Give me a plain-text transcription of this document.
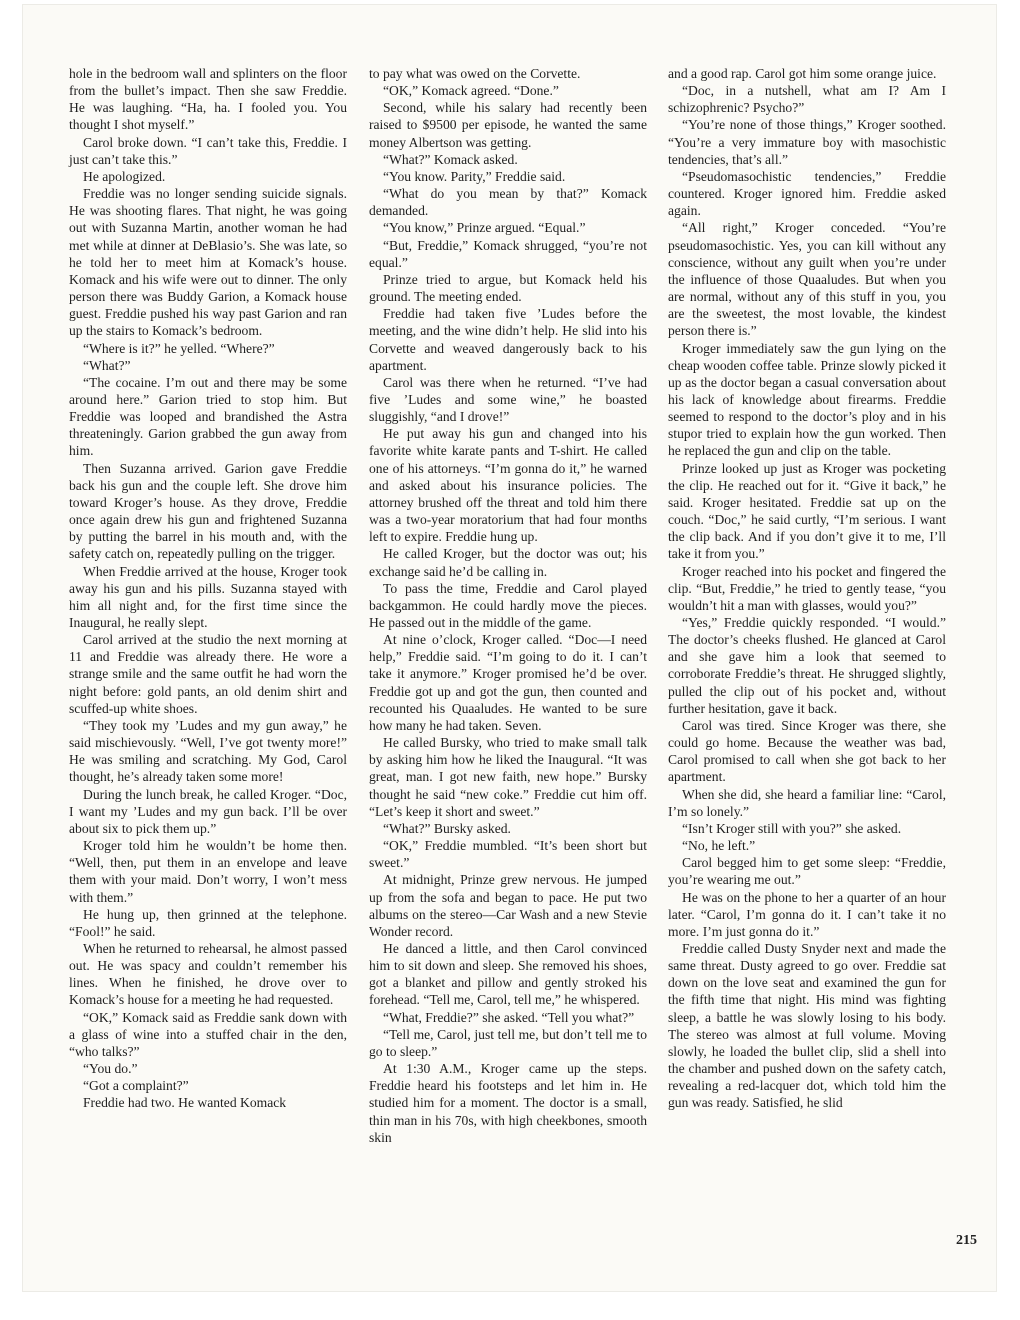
hole in the bedroom wall and splinters on the floor from the bullet’s impact. Then she saw Freddie. He was laughing. “Ha, ha. I fooled you. You thought I shot myself.”

Carol broke down. “I can’t take this, Freddie. I just can’t take this.”

He apologized.

Freddie was no longer sending suicide signals. He was shooting flares. That night, he was going out with Suzanna Martin, another woman he had met while at dinner at DeBlasio’s. She was late, so he told her to meet him at Komack’s house. Komack and his wife were out to dinner. The only person there was Buddy Garion, a Komack house guest. Freddie pushed his way past Garion and ran up the stairs to Komack’s bedroom.

“Where is it?” he yelled. “Where?”

“What?”

“The cocaine. I’m out and there may be some around here.” Garion tried to stop him. But Freddie was looped and brandished the Astra threateningly. Garion grabbed the gun away from him.

Then Suzanna arrived. Garion gave Freddie back his gun and the couple left. She drove him toward Kroger’s house. As they drove, Freddie once again drew his gun and frightened Suzanna by putting the barrel in his mouth and, with the safety catch on, repeatedly pulling on the trigger.

When Freddie arrived at the house, Kroger took away his gun and his pills. Suzanna stayed with him all night and, for the first time since the Inaugural, he really slept.

Carol arrived at the studio the next morning at 11 and Freddie was already there. He wore a strange smile and the same outfit he had worn the night before: gold pants, an old denim shirt and scuffed-up white shoes.

“They took my ’Ludes and my gun away,” he said mischievously. “Well, I’ve got twenty more!” He was smiling and scratching. My God, Carol thought, he’s already taken some more!

During the lunch break, he called Kroger. “Doc, I want my ’Ludes and my gun back. I’ll be over about six to pick them up.”

Kroger told him he wouldn’t be home then. “Well, then, put them in an envelope and leave them with your maid. Don’t worry, I won’t mess with them.”

He hung up, then grinned at the telephone. “Fool!” he said.

When he returned to rehearsal, he almost passed out. He was spacy and couldn’t remember his lines. When he finished, he drove over to Komack’s house for a meeting he had requested.

“OK,” Komack said as Freddie sank down with a glass of wine into a stuffed chair in the den, “who talks?”

“You do.”

“Got a complaint?”

Freddie had two. He wanted Komack

to pay what was owed on the Corvette.

“OK,” Komack agreed. “Done.”

Second, while his salary had recently been raised to $9500 per episode, he wanted the same money Albertson was getting.

“What?” Komack asked.

“You know. Parity,” Freddie said.

“What do you mean by that?” Komack demanded.

“You know,” Prinze argued. “Equal.”

“But, Freddie,” Komack shrugged, “you’re not equal.”

Prinze tried to argue, but Komack held his ground. The meeting ended.

Freddie had taken five ’Ludes before the meeting, and the wine didn’t help. He slid into his Corvette and weaved dangerously back to his apartment.

Carol was there when he returned. “I’ve had five ’Ludes and some wine,” he boasted sluggishly, “and I drove!”

He put away his gun and changed into his favorite white karate pants and T-shirt. He called one of his attorneys. “I’m gonna do it,” he warned and asked about his insurance policies. The attorney brushed off the threat and told him there was a two-year moratorium that had four months left to expire. Freddie hung up.

He called Kroger, but the doctor was out; his exchange said he’d be calling in.

To pass the time, Freddie and Carol played backgammon. He could hardly move the pieces. He passed out in the middle of the game.

At nine o’clock, Kroger called. “Doc—I need help,” Freddie said. “I’m going to do it. I can’t take it anymore.” Kroger promised he’d be over. Freddie got up and got the gun, then counted and recounted his Quaaludes. He wanted to be sure how many he had taken. Seven.

He called Bursky, who tried to make small talk by asking him how he liked the Inaugural. “It was great, man. I got new faith, new hope.” Bursky thought he said “new coke.” Freddie cut him off. “Let’s keep it short and sweet.”

“What?” Bursky asked.

“OK,” Freddie mumbled. “It’s been short but sweet.”

At midnight, Prinze grew nervous. He jumped up from the sofa and began to pace. He put two albums on the stereo—Car Wash and a new Stevie Wonder record.

He danced a little, and then Carol convinced him to sit down and sleep. She removed his shoes, got a blanket and pillow and gently stroked his forehead. “Tell me, Carol, tell me,” he whispered.

“What, Freddie?” she asked. “Tell you what?”

“Tell me, Carol, just tell me, but don’t tell me to go to sleep.”

At 1:30 A.M., Kroger came up the steps. Freddie heard his footsteps and let him in. He studied him for a moment. The doctor is a small, thin man in his 70s, with high cheekbones, smooth skin

and a good rap. Carol got him some orange juice.

“Doc, in a nutshell, what am I? Am I schizophrenic? Psycho?”

“You’re none of those things,” Kroger soothed. “You’re a very immature boy with masochistic tendencies, that’s all.”

“Pseudomasochistic tendencies,” Freddie countered. Kroger ignored him. Freddie asked again.

“All right,” Kroger conceded. “You’re pseudomasochistic. Yes, you can kill without any conscience, without any guilt when you’re under the influence of those Quaaludes. But when you are normal, without any of this stuff in you, you are the sweetest, the most lovable, the kindest person there is.”

Kroger immediately saw the gun lying on the cheap wooden coffee table. Prinze slowly picked it up as the doctor began a casual conversation about his lack of knowledge about firearms. Freddie seemed to respond to the doctor’s ploy and in his stupor tried to explain how the gun worked. Then he replaced the gun and clip on the table.

Prinze looked up just as Kroger was pocketing the clip. He reached out for it. “Give it back,” he said. Kroger hesitated. Freddie sat up on the couch. “Doc,” he said curtly, “I’m serious. I want the clip back. And if you don’t give it to me, I’ll take it from you.”

Kroger reached into his pocket and fingered the clip. “But, Freddie,” he tried to gently tease, “you wouldn’t hit a man with glasses, would you?”

“Yes,” Freddie quickly responded. “I would.” The doctor’s cheeks flushed. He glanced at Carol and she gave him a look that seemed to corroborate Freddie’s threat. He shrugged slightly, pulled the clip out of his pocket and, without further hesitation, gave it back.

Carol was tired. Since Kroger was there, she could go home. Because the weather was bad, Carol promised to call when she got back to her apartment.

When she did, she heard a familiar line: “Carol, I’m so lonely.”

“Isn’t Kroger still with you?” she asked.

“No, he left.”

Carol begged him to get some sleep: “Freddie, you’re wearing me out.”

He was on the phone to her a quarter of an hour later. “Carol, I’m gonna do it. I can’t take it no more. I’m just gonna do it.”

Freddie called Dusty Snyder next and made the same threat. Dusty agreed to go over. Freddie sat down on the love seat and examined the gun for the fifth time that night. His mind was fighting sleep, a battle he was slowly losing to his body. The stereo was almost at full volume. Moving slowly, he loaded the bullet clip, slid a shell into the chamber and pushed down on the safety catch, revealing a red-lacquer dot, which told him the gun was ready. Satisfied, he slid

215
